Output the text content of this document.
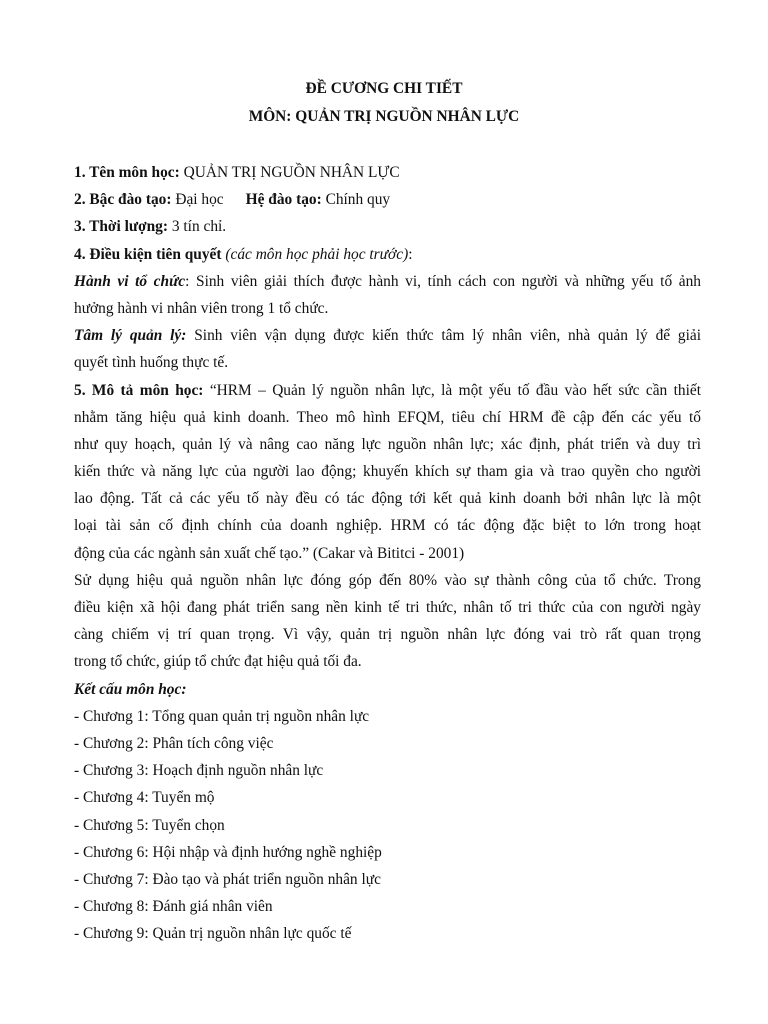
ĐỀ CƯƠNG CHI TIẾT
MÔN: QUẢN TRỊ NGUỒN NHÂN LỰC
1. Tên môn học: QUẢN TRỊ NGUỒN NHÂN LỰC
2. Bậc đào tạo: Đại học Hệ đào tạo: Chính quy
3. Thời lượng: 3 tín chỉ.
4. Điều kiện tiên quyết (các môn học phải học trước):
Hành vi tổ chức: Sinh viên giải thích được hành vi, tính cách con người và những yếu tố ảnh
hưởng hành vi nhân viên trong 1 tổ chức.
Tâm lý quản lý: Sinh viên vận dụng được kiến thức tâm lý nhân viên, nhà quản lý để giải
quyết tình huống thực tế.
5. Mô tả môn học: “HRM – Quản lý nguồn nhân lực, là một yếu tố đầu vào hết sức cần thiết
nhằm tăng hiệu quả kinh doanh. Theo mô hình EFQM, tiêu chí HRM đề cập đến các yếu tố
như quy hoạch, quản lý và nâng cao năng lực nguồn nhân lực; xác định, phát triển và duy trì
kiến thức và năng lực của người lao động; khuyến khích sự tham gia và trao quyền cho người
lao động. Tất cả các yếu tố này đều có tác động tới kết quả kinh doanh bởi nhân lực là một
loại tài sản cố định chính của doanh nghiệp. HRM có tác động đặc biệt to lớn trong hoạt
động của các ngành sản xuất chế tạo.” (Cakar và Bititci - 2001)
Sử dụng hiệu quả nguồn nhân lực đóng góp đến 80% vào sự thành công của tổ chức. Trong
điều kiện xã hội đang phát triển sang nền kinh tế tri thức, nhân tố tri thức của con người ngày
càng chiếm vị trí quan trọng. Vì vậy, quản trị nguồn nhân lực đóng vai trò rất quan trọng
trong tổ chức, giúp tổ chức đạt hiệu quả tối đa.
Kết cấu môn học:
- Chương 1: Tổng quan quản trị nguồn nhân lực
- Chương 2: Phân tích công việc
- Chương 3: Hoạch định nguồn nhân lực
- Chương 4: Tuyển mộ
- Chương 5: Tuyển chọn
- Chương 6: Hội nhập và định hướng nghề nghiệp
- Chương 7: Đào tạo và phát triển nguồn nhân lực
- Chương 8: Đánh giá nhân viên
- Chương 9: Quản trị nguồn nhân lực quốc tế
